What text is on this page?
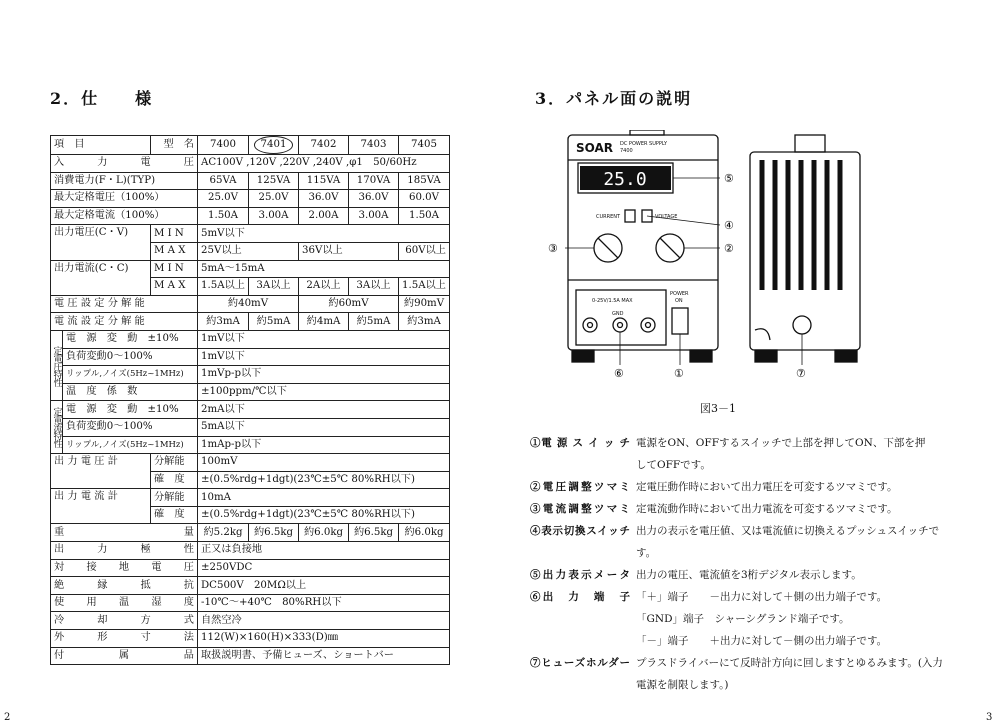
2．仕　　様	3．パネル面の説明
項　目		型　名	7400	7401	7402	7403	7405
入　力　電　圧			AC100V ,120V ,220V ,240V ,φ1　50/60Hz				
消費電力(F・L)(TYP)			65VA	125VA	115VA	170VA	185VA
最大定格電圧（100%）			25.0V	25.0V	36.0V	36.0V	60.0V
最大定格電流（100%）			1.50A	3.00A	2.00A	3.00A	1.50A
出力電圧(C・V)		M I N	5mV以下				
		M A X	25V以上		36V以上		60V以上
出力電流(C・C)		M I N	5mA～15mA				
		M A X	1.5A以上	3A以上	2A以上	3A以上	1.5A以上
電 圧 設 定 分 解 能			約40mV		約60mV		約90mV
電 流 設 定 分 解 能			約3mA	約5mA	約4mA	約5mA	約3mA
定電圧特性	電　源　変　動　±10%		1mV以下				
	負荷変動0～100%		1mV以下				
	リップル,ノイズ(5Hz~1MHz)		1mVp-p以下				
	温　度　係　数		±100ppm/℃以下				
定電流特性	電　源　変　動　±10%		2mA以下				
	負荷変動0～100%		5mA以下				
	リップル,ノイズ(5Hz~1MHz)		1mAp-p以下				
出 力 電 圧 計		分解能	100mV				
		確　度	±(0.5%rdg+1dgt)(23℃±5℃ 80%RH以下)				
出 力 電 流 計		分解能	10mA				
		確　度	±(0.5%rdg+1dgt)(23℃±5℃ 80%RH以下)				
重　　　量			約5.2kg	約6.5kg	約6.0kg	約6.5kg	約6.0kg
出　力　極　性			正又は負接地				
対　接　地　電　圧			±250VDC				
絶　縁　抵　抗			DC500V　20MΩ以上				
使　用　温　湿　度			-10℃～+40℃　80%RH以下				
冷　却　方　式			自然空冷				
外　形　寸　法			112(W)×160(H)×333(D)㎜				
付　　属　　品			取扱説明書、予備ヒューズ、ショートバー				
25.0
SOAR DC POWER SUPPLY
7400
CURRENT	VOLTAGE
0-25V/1.5A MAX
GND
POWER
ON
⑤
④
②
③
⑥	①	⑦
図3－1
①電 源 ス イ ッ チ 電源をON、OFFするスイッチで上部を押してON、下部を押
してOFFです。
②電圧調整ツマミ 定電圧動作時において出力電圧を可変するツマミです。
③電流調整ツマミ 定電流動作時において出力電流を可変するツマミです。
④表示切換スイッチ 出力の表示を電圧値、又は電流値に切換えるプッシュスイッチで
す。
⑤出力表示メータ 出力の電圧、電流値を3桁デジタル表示します。
⑥出　力　端　子 「＋」端子　　－出力に対して＋側の出力端子です。
「GND」端子　シャーシグランド端子です。
「－」端子　　＋出力に対して－側の出力端子です。
⑦ヒューズホルダー プラスドライバーにて反時計方向に回しますとゆるみます。(入力
電源を制限します。)
2	3
